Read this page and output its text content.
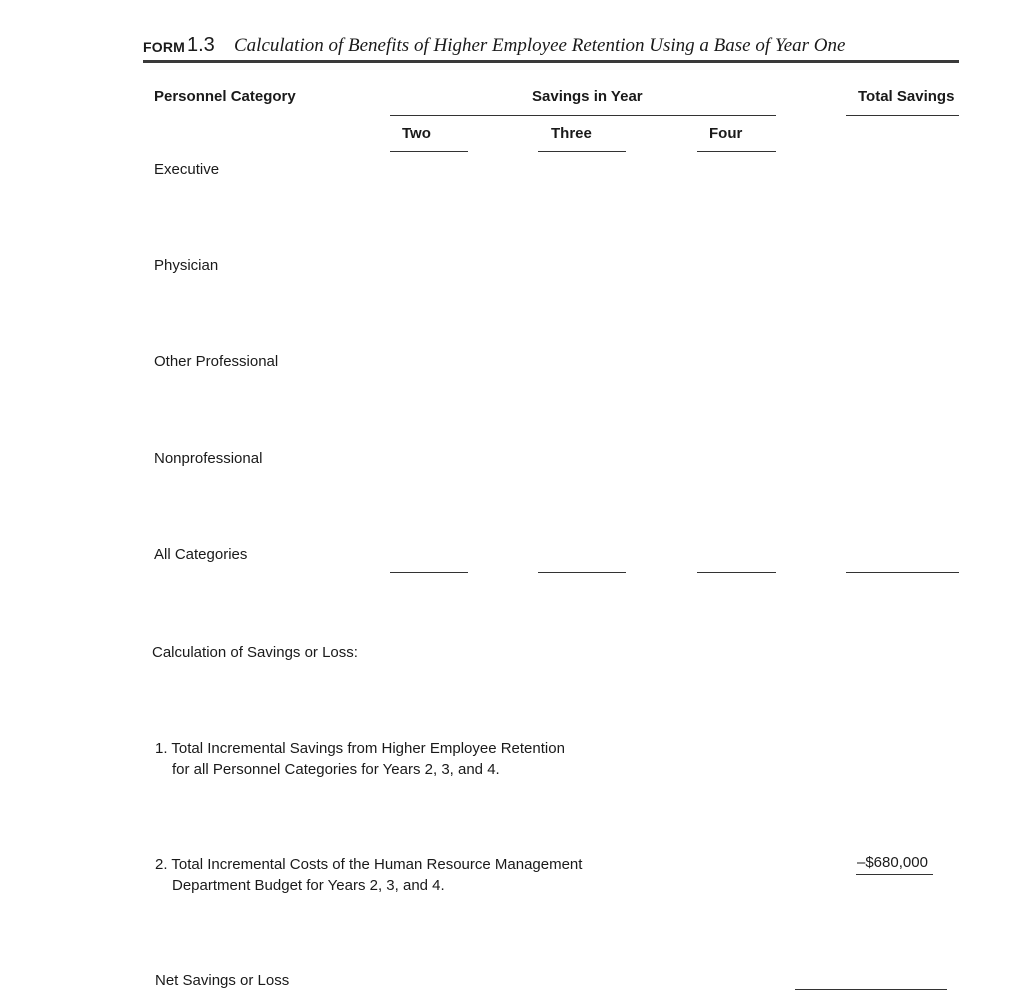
FORM 1.3 Calculation of Benefits of Higher Employee Retention Using a Base of Year One
Personnel Category	Savings in Year	Total Savings
Two	Three	Four
Executive
Physician
Other Professional
Nonprofessional
All Categories
Calculation of Savings or Loss:
1. Total Incremental Savings from Higher Employee Retention
for all Personnel Categories for Years 2, 3, and 4.
2. Total Incremental Costs of the Human Resource Management
Department Budget for Years 2, 3, and 4.
–$680,000
Net Savings or Loss
